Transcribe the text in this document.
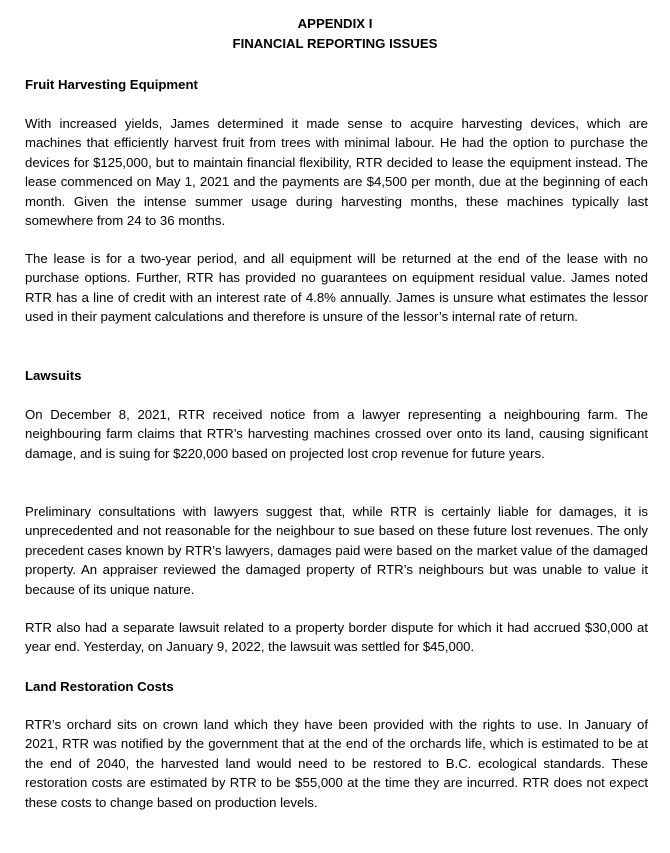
APPENDIX I
FINANCIAL REPORTING ISSUES
Fruit Harvesting Equipment

With increased yields, James determined it made sense to acquire harvesting devices, which are machines that efficiently harvest fruit from trees with minimal labour. He had the option to purchase the devices for $125,000, but to maintain financial flexibility, RTR decided to lease the equipment instead. The lease commenced on May 1, 2021 and the payments are $4,500 per month, due at the beginning of each month. Given the intense summer usage during harvesting months, these machines typically last somewhere from 24 to 36 months.

The lease is for a two-year period, and all equipment will be returned at the end of the lease with no purchase options. Further, RTR has provided no guarantees on equipment residual value. James noted RTR has a line of credit with an interest rate of 4.8% annually. James is unsure what estimates the lessor used in their payment calculations and therefore is unsure of the lessor’s internal rate of return.

Lawsuits

On December 8, 2021, RTR received notice from a lawyer representing a neighbouring farm. The neighbouring farm claims that RTR’s harvesting machines crossed over onto its land, causing significant damage, and is suing for $220,000 based on projected lost crop revenue for future years.

Preliminary consultations with lawyers suggest that, while RTR is certainly liable for damages, it is unprecedented and not reasonable for the neighbour to sue based on these future lost revenues. The only precedent cases known by RTR’s lawyers, damages paid were based on the market value of the damaged property. An appraiser reviewed the damaged property of RTR’s neighbours but was unable to value it because of its unique nature.

RTR also had a separate lawsuit related to a property border dispute for which it had accrued $30,000 at year end. Yesterday, on January 9, 2022, the lawsuit was settled for $45,000.

Land Restoration Costs

RTR’s orchard sits on crown land which they have been provided with the rights to use. In January of 2021, RTR was notified by the government that at the end of the orchards life, which is estimated to be at the end of 2040, the harvested land would need to be restored to B.C. ecological standards. These restoration costs are estimated by RTR to be $55,000 at the time they are incurred. RTR does not expect these costs to change based on production levels.
